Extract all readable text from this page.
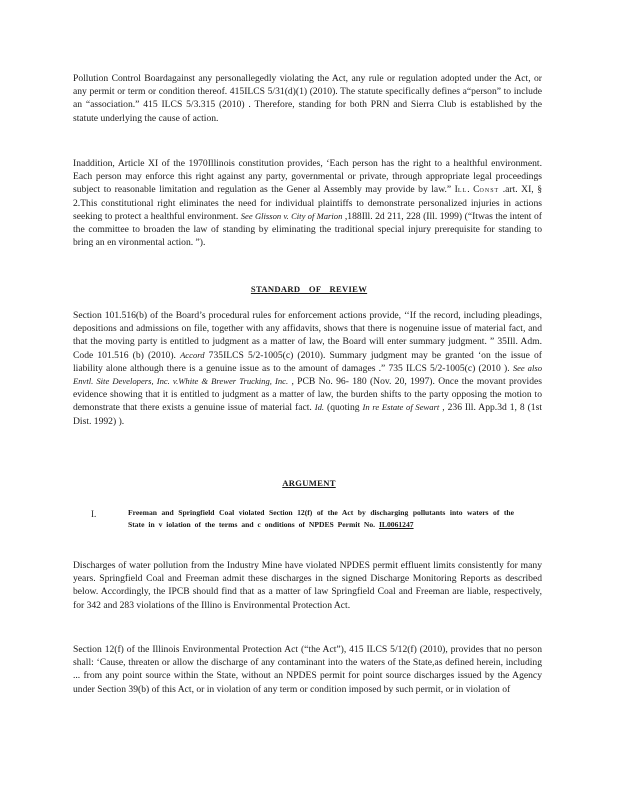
Pollution Control Boardagainst any personallegedly violating the Act, any rule or regulation adopted under the Act, or any permit or term or condition thereof. 415ILCS 5/31(d)(1) (2010). The statute specifically defines a“person” to include an “association.” 415 ILCS 5/3.315 (2010) . Therefore, standing for both PRN and Sierra Club is established by the statute underlying the cause of action.

Inaddition, Article XI of the 1970Illinois constitution provides, ‘Each person has the right to a healthful environment. Each person may enforce this right against any party, governmental or private, through appropriate legal proceedings subject to reasonable limitation and regulation as the Gener al Assembly may provide by law.” Ill. Const .art. XI, § 2.This constitutional right eliminates the need for individual plaintiffs to demonstrate personalized injuries in actions seeking to protect a healthful environment. See Glisson v. City of Marion ,188Ill. 2d 211, 228 (Ill. 1999) (“Itwas the intent of the committee to broaden the law of standing by eliminating the traditional special injury prerequisite for standing to bring an en vironmental action. ”).

STANDARD OF REVIEW

Section 101.516(b) of the Board’s procedural rules for enforcement actions provide, ‘‘If the record, including pleadings, depositions and admissions on file, together with any affidavits, shows that there is nogenuine issue of material fact, and that the moving party is entitled to judgment as a matter of law, the Board will enter summary judgment. ” 35Ill. Adm. Code 101.516 (b) (2010). Accord 735ILCS 5/2-1005(c) (2010). Summary judgment may be granted ‘on the issue of liability alone although there is a genuine issue as to the amount of damages .” 735 ILCS 5/2-1005(c) (2010 ). See also Envtl. Site Developers, Inc. v.White & Brewer Trucking, Inc. , PCB No. 96- 180 (Nov. 20, 1997). Once the movant provides evidence showing that it is entitled to judgment as a matter of law, the burden shifts to the party opposing the motion to demonstrate that there exists a genuine issue of material fact. Id. (quoting In re Estate of Sewart , 236 Ill. App.3d 1, 8 (1st Dist. 1992) ).

ARGUMENT

I.	Freeman and Springfield Coal violated Section 12(f) of the Act by discharging pollutants into waters of the State in v iolation of the terms and c onditions of NPDES Permit No. IL0061247

Discharges of water pollution from the Industry Mine have violated NPDES permit effluent limits consistently for many years. Springfield Coal and Freeman admit these discharges in the signed Discharge Monitoring Reports as described below. Accordingly, the IPCB should find that as a matter of law Springfield Coal and Freeman are liable, respectively, for 342 and 283 violations of the Illino is Environmental Protection Act.

Section 12(f) of the Illinois Environmental Protection Act (“the Act”), 415 ILCS 5/12(f) (2010), provides that no person shall: ‘Cause, threaten or allow the discharge of any contaminant into the waters of the State,as defined herein, including ... from any point source within the State, without an NPDES permit for point source discharges issued by the Agency under Section 39(b) of this Act, or in violation of any term or condition imposed by such permit, or in violation of
